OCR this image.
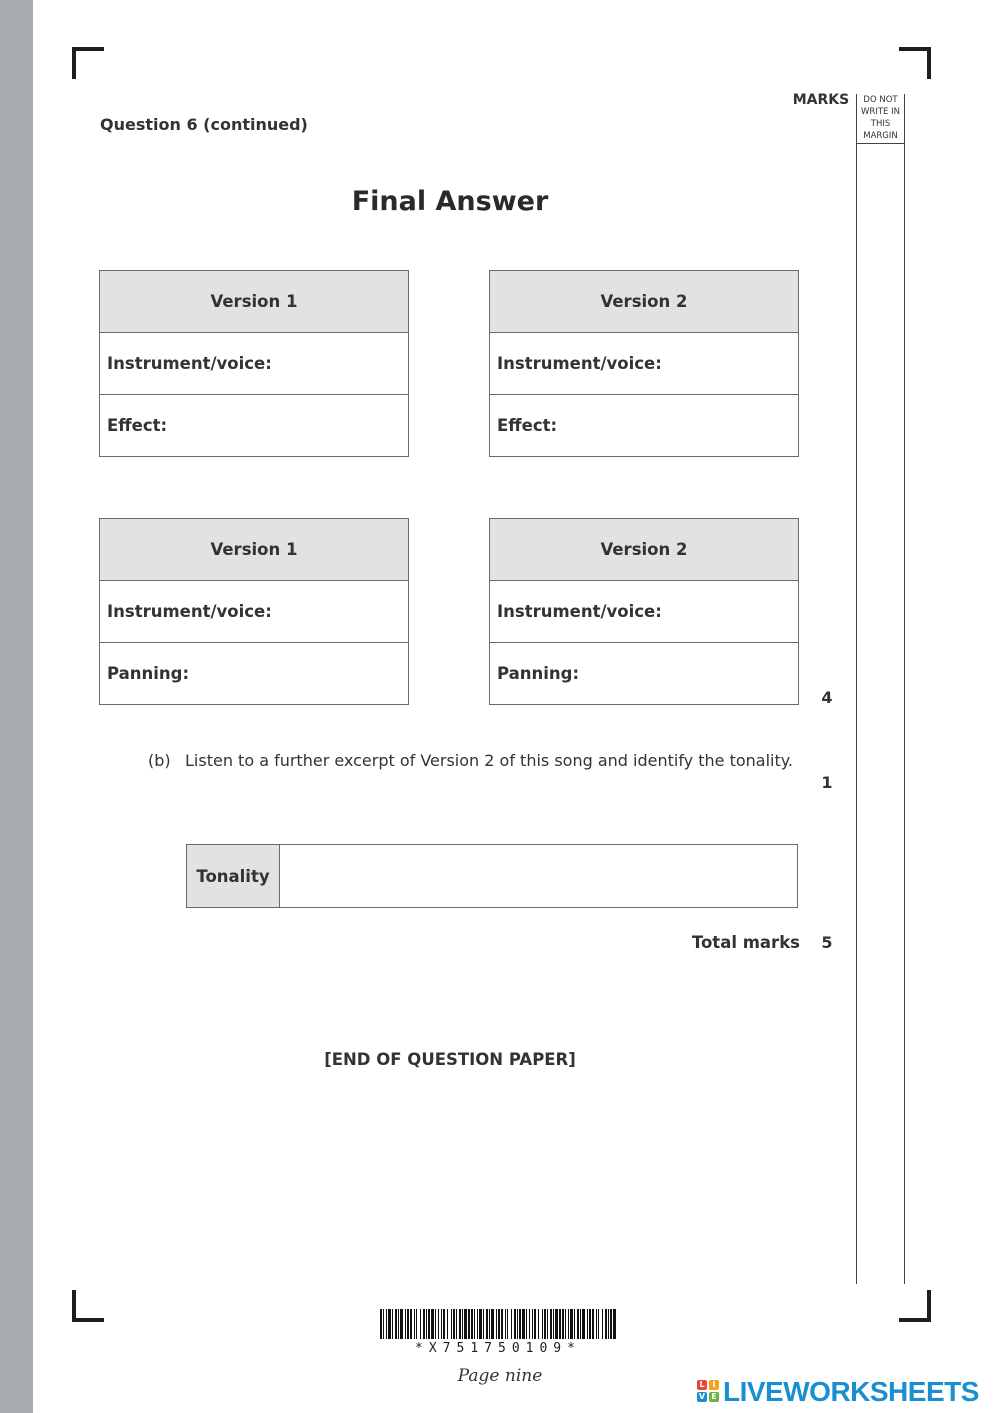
MARKS	DO NOT
WRITE IN
THIS
MARGIN
Question 6 (continued)
Final Answer
Version 1
Instrument/voice:
Effect:
Version 2
Instrument/voice:
Effect:
Version 1
Instrument/voice:
Panning:
Version 2
Instrument/voice:
Panning:
4
(b) Listen to a further excerpt of Version 2 of this song and identify the tonality.
1
Tonality	
Total marks	5
[END OF QUESTION PAPER]
*X751750109*
Page nine	L I
V E LIVEWORKSHEETS
